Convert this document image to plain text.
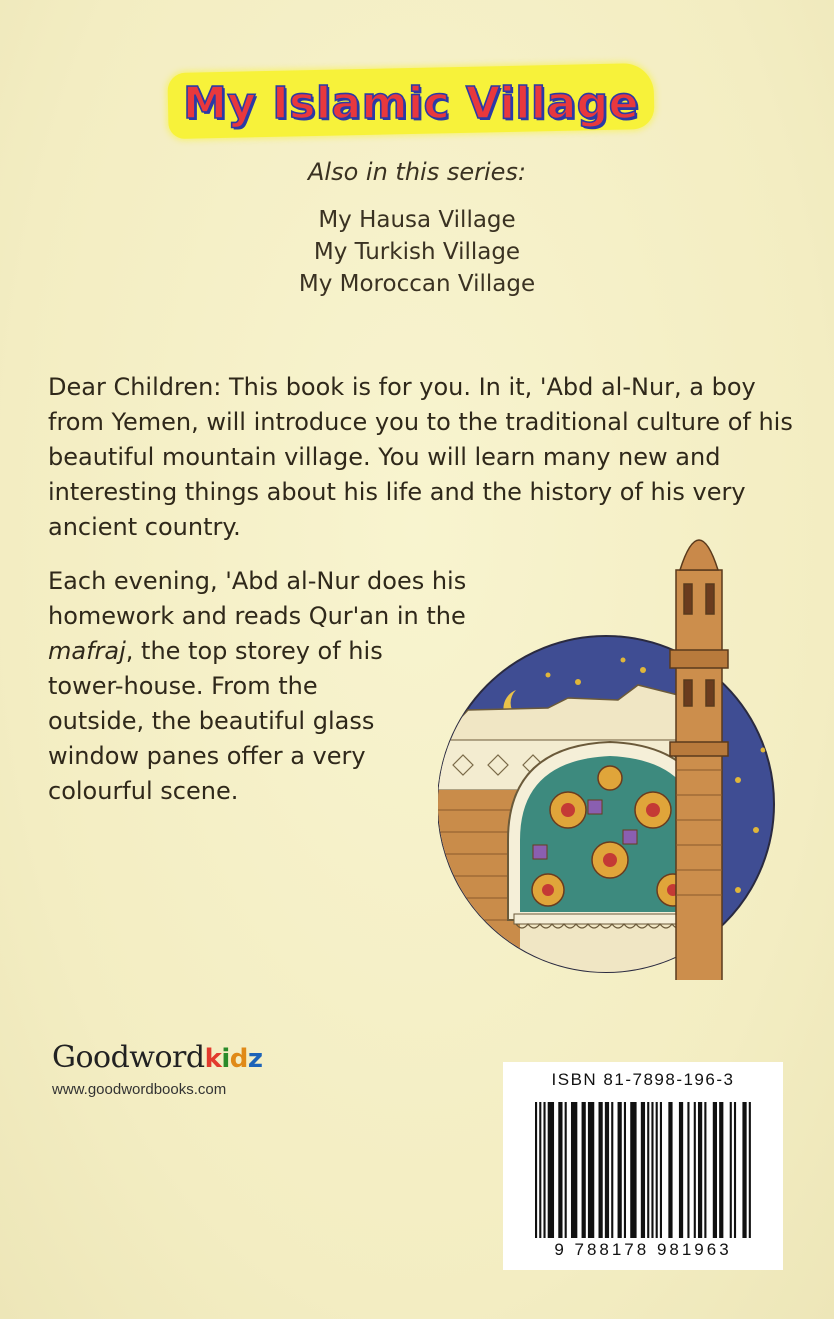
My Islamic Village
Also in this series:
My Hausa Village
My Turkish Village
My Moroccan Village

Dear Children: This book is for you. In it, 'Abd al-Nur, a boy from Yemen, will introduce you to the traditional culture of his beautiful mountain village. You will learn many new and interesting things about his life and the history of his very ancient country.

Each evening, 'Abd al-Nur does his
homework and reads Qur'an in the
mafraj, the top storey of his
tower-house. From the
outside, the beautiful glass
window panes offer a very
colourful scene.

Goodwordkidz
www.goodwordbooks.com
ISBN 81-7898-196-3
9 788178 981963
